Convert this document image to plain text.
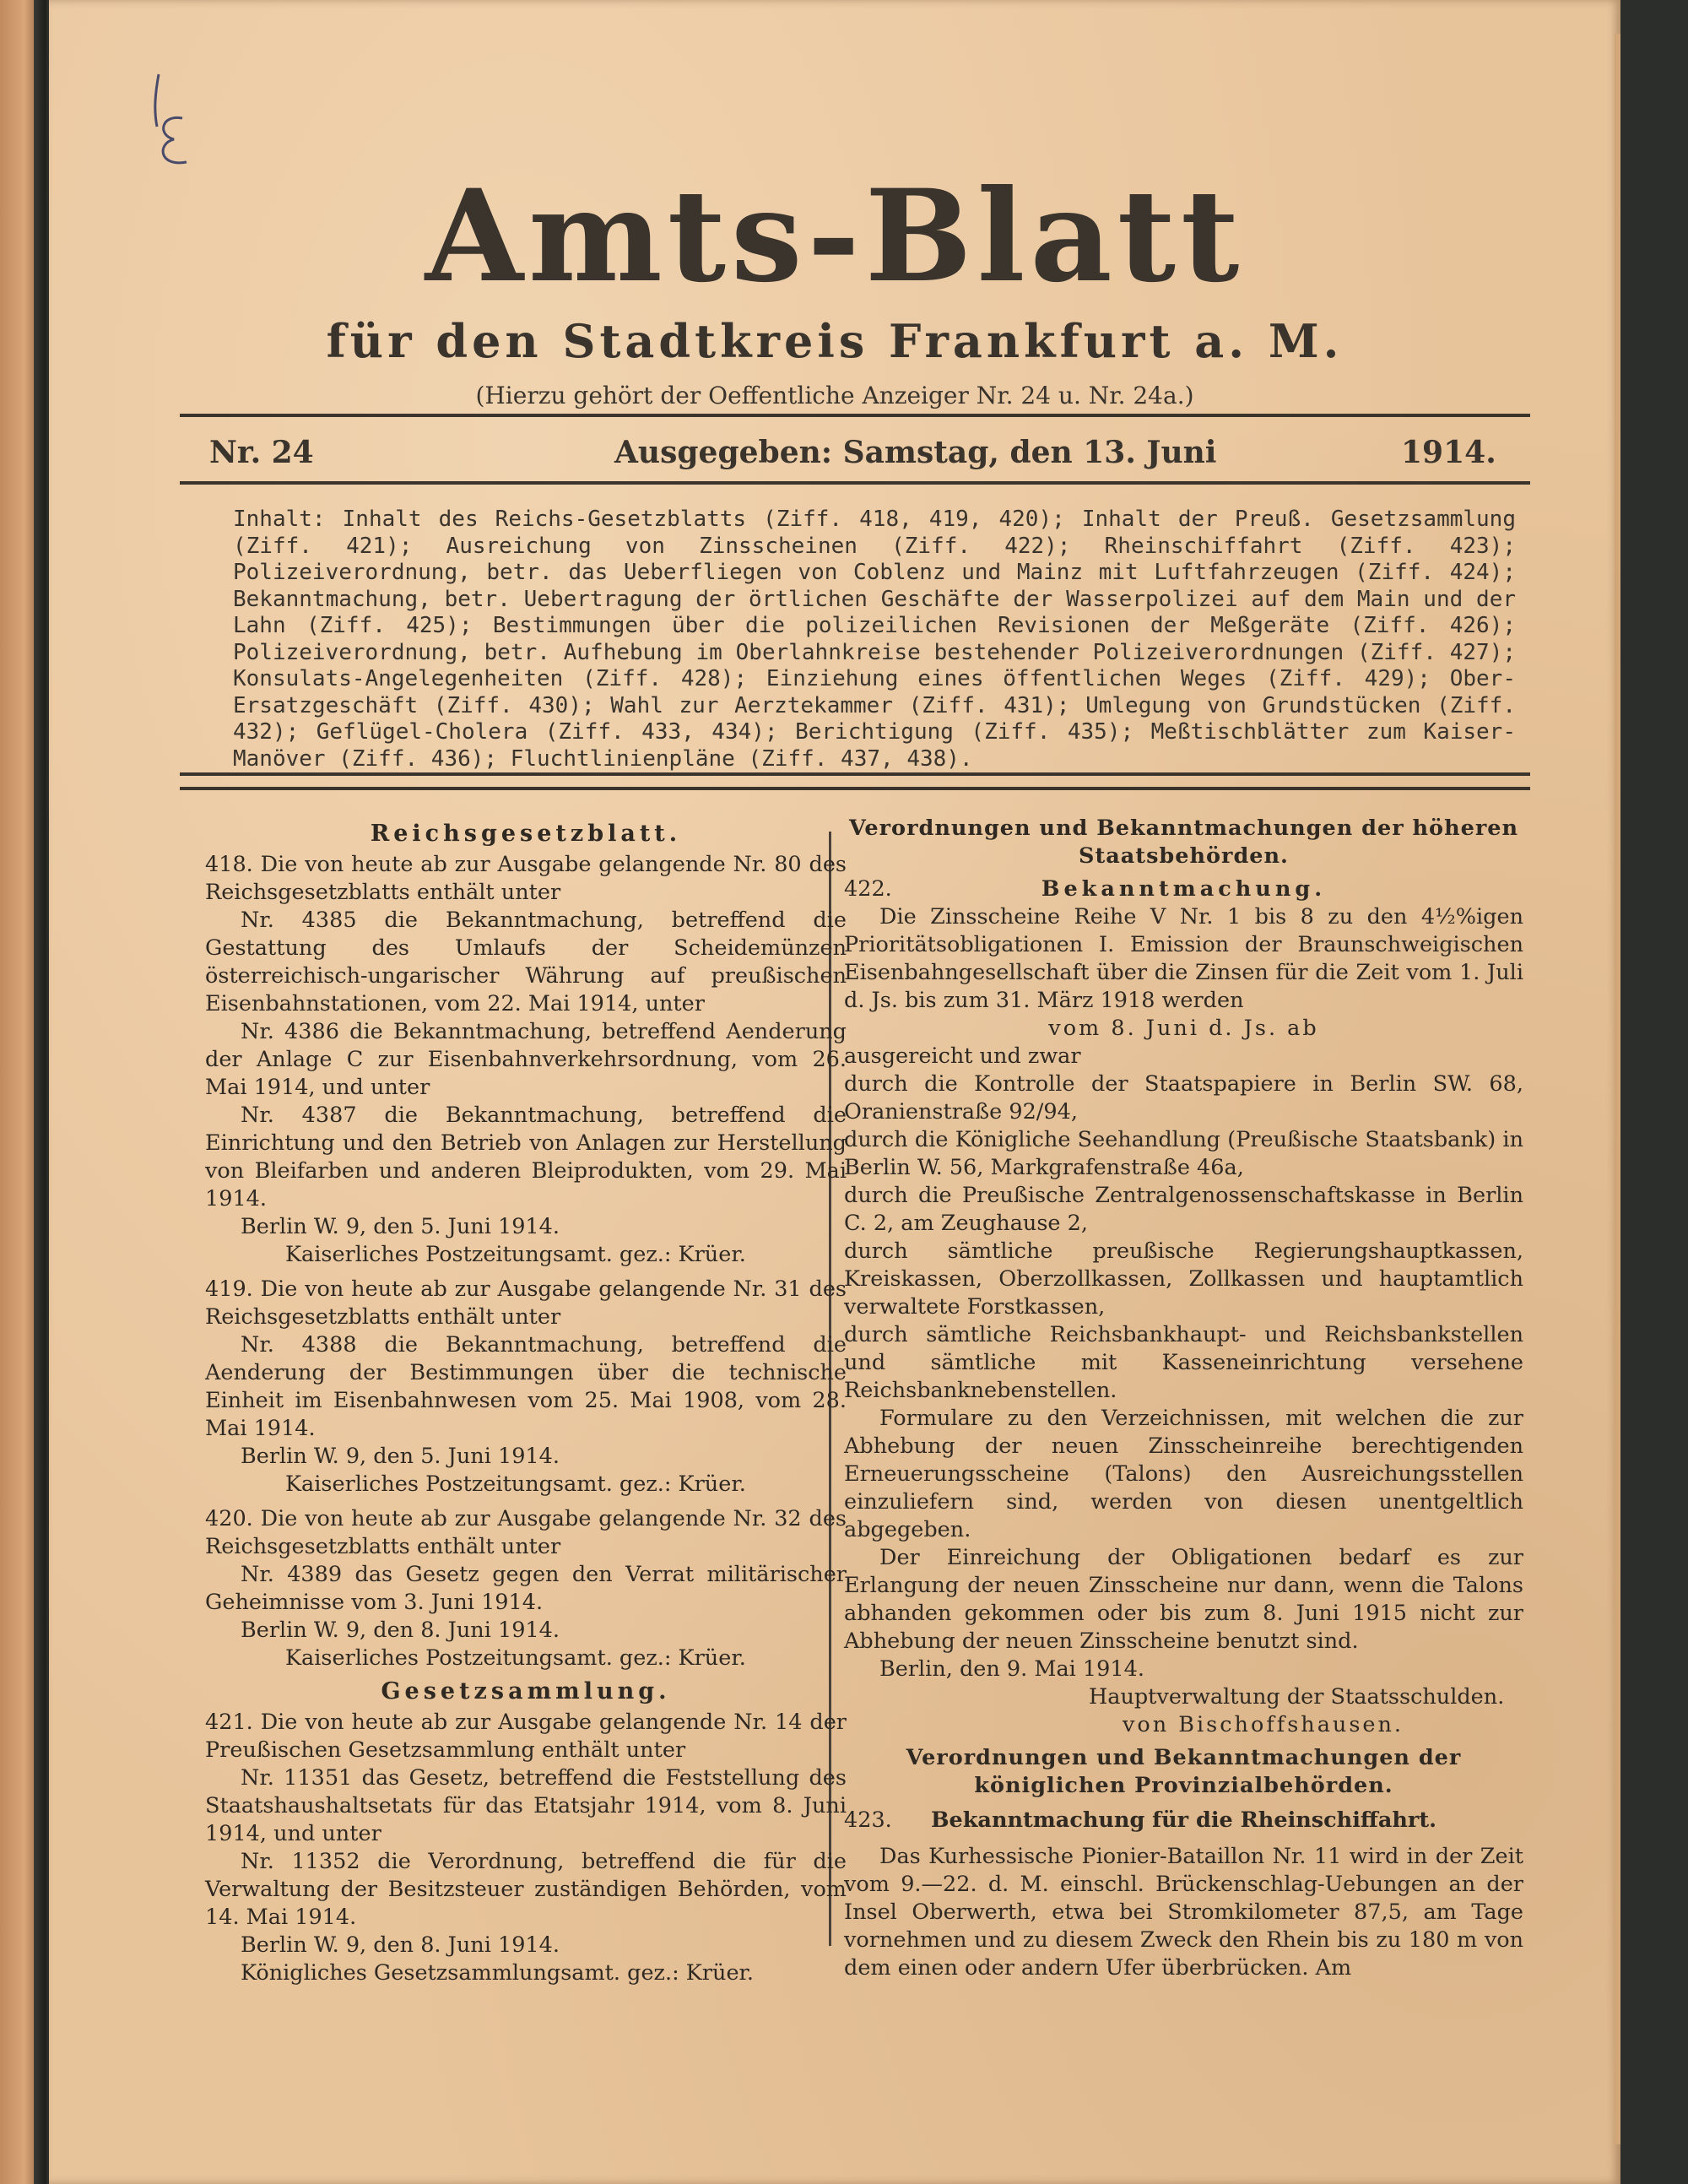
Amts-Blatt
für den Stadtkreis Frankfurt a. M.
(Hierzu gehört der Oeffentliche Anzeiger Nr. 24 u. Nr. 24a.)
Nr. 24	Ausgegeben: Samstag, den 13. Juni	1914.
Inhalt: Inhalt des Reichs-Gesetzblatts (Ziff. 418, 419, 420); Inhalt der Preuß. Gesetzsammlung (Ziff. 421); Ausreichung von Zinsscheinen (Ziff. 422); Rheinschiffahrt (Ziff. 423); Polizeiverordnung, betr. das Ueberfliegen von Coblenz und Mainz mit Luftfahrzeugen (Ziff. 424); Bekanntmachung, betr. Uebertragung der örtlichen Geschäfte der Wasserpolizei auf dem Main und der Lahn (Ziff. 425); Bestimmungen über die polizeilichen Revisionen der Meßgeräte (Ziff. 426); Polizeiverordnung, betr. Aufhebung im Oberlahnkreise bestehender Polizeiverordnungen (Ziff. 427); Konsulats-Angelegenheiten (Ziff. 428); Einziehung eines öffentlichen Weges (Ziff. 429); Ober-Ersatzgeschäft (Ziff. 430); Wahl zur Aerztekammer (Ziff. 431); Umlegung von Grundstücken (Ziff. 432); Geflügel-Cholera (Ziff. 433, 434); Berichtigung (Ziff. 435); Meßtischblätter zum Kaiser-Manöver (Ziff. 436); Fluchtlinienpläne (Ziff. 437, 438).
Reichsgesetzblatt.

418. Die von heute ab zur Ausgabe gelangende Nr. 80 des Reichsgesetzblatts enthält unter

Nr. 4385 die Bekanntmachung, betreffend die Gestattung des Umlaufs der Scheidemünzen österreichisch-ungarischer Währung auf preußischen Eisenbahnstationen, vom 22. Mai 1914, unter

Nr. 4386 die Bekanntmachung, betreffend Aenderung der Anlage C zur Eisenbahnverkehrsordnung, vom 26. Mai 1914, und unter

Nr. 4387 die Bekanntmachung, betreffend die Einrichtung und den Betrieb von Anlagen zur Herstellung von Bleifarben und anderen Bleiprodukten, vom 29. Mai 1914.

Berlin W. 9, den 5. Juni 1914.

Kaiserliches Postzeitungsamt. gez.: Krüer.

419. Die von heute ab zur Ausgabe gelangende Nr. 31 des Reichsgesetzblatts enthält unter

Nr. 4388 die Bekanntmachung, betreffend die Aenderung der Bestimmungen über die technische Einheit im Eisenbahnwesen vom 25. Mai 1908, vom 28. Mai 1914.

Berlin W. 9, den 5. Juni 1914.

Kaiserliches Postzeitungsamt. gez.: Krüer.

420. Die von heute ab zur Ausgabe gelangende Nr. 32 des Reichsgesetzblatts enthält unter

Nr. 4389 das Gesetz gegen den Verrat militärischer Geheimnisse vom 3. Juni 1914.

Berlin W. 9, den 8. Juni 1914.

Kaiserliches Postzeitungsamt. gez.: Krüer.

Gesetzsammlung.

421. Die von heute ab zur Ausgabe gelangende Nr. 14 der Preußischen Gesetzsammlung enthält unter

Nr. 11351 das Gesetz, betreffend die Feststellung des Staatshaushaltsetats für das Etatsjahr 1914, vom 8. Juni 1914, und unter

Nr. 11352 die Verordnung, betreffend die für die Verwaltung der Besitzsteuer zuständigen Behörden, vom 14. Mai 1914.

Berlin W. 9, den 8. Juni 1914.

Königliches Gesetzsammlungsamt. gez.: Krüer.

Verordnungen und Bekanntmachungen der höheren Staatsbehörden.
422.	Bekanntmachung.

Die Zinsscheine Reihe V Nr. 1 bis 8 zu den 4½%igen Prioritätsobligationen I. Emission der Braunschweigischen Eisenbahngesellschaft über die Zinsen für die Zeit vom 1. Juli d. Js. bis zum 31. März 1918 werden

vom 8. Juni d. Js. ab

ausgereicht und zwar

durch die Kontrolle der Staatspapiere in Berlin SW. 68, Oranienstraße 92/94,

durch die Königliche Seehandlung (Preußische Staatsbank) in Berlin W. 56, Markgrafenstraße 46a,

durch die Preußische Zentralgenossenschaftskasse in Berlin C. 2, am Zeughause 2,

durch sämtliche preußische Regierungshauptkassen, Kreiskassen, Oberzollkassen, Zollkassen und hauptamtlich verwaltete Forstkassen,

durch sämtliche Reichsbankhaupt- und Reichsbankstellen und sämtliche mit Kasseneinrichtung versehene Reichsbanknebenstellen.

Formulare zu den Verzeichnissen, mit welchen die zur Abhebung der neuen Zinsscheinreihe berechtigenden Erneuerungsscheine (Talons) den Ausreichungsstellen einzuliefern sind, werden von diesen unentgeltlich abgegeben.

Der Einreichung der Obligationen bedarf es zur Erlangung der neuen Zinsscheine nur dann, wenn die Talons abhanden gekommen oder bis zum 8. Juni 1915 nicht zur Abhebung der neuen Zinsscheine benutzt sind.

Berlin, den 9. Mai 1914.

Hauptverwaltung der Staatsschulden.

von Bischoffshausen.

Verordnungen und Bekanntmachungen der königlichen Provinzialbehörden.
423.	Bekanntmachung für die Rheinschiffahrt.

Das Kurhessische Pionier-Bataillon Nr. 11 wird in der Zeit vom 9.—22. d. M. einschl. Brückenschlag-Uebungen an der Insel Oberwerth, etwa bei Stromkilometer 87,5, am Tage vornehmen und zu diesem Zweck den Rhein bis zu 180 m von dem einen oder andern Ufer überbrücken. Am
